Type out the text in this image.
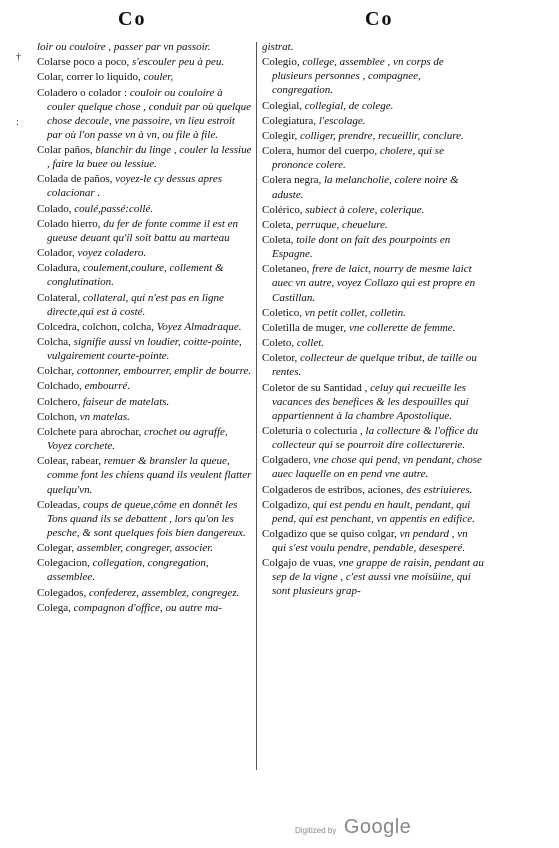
Co	Co
†
:
loir ou couloire , passer par vn passoir.
Colarse poco a poco, s'escouler peu à peu.
Colar, correr lo liquido, couler,
Coladero o colador : couloir ou couloire à couler quelque chose , conduit par où quelque chose decoule, vne passoire, vn lieu estroit par où l'on passe vn à vn, ou file à file.
Colar paños, blanchir du linge , couler la lessiue , faire la buee ou lessiue.
Colada de paños, voyez-le cy dessus apres colacionar .
Colado, coulé,passé:collé.
Colado hierro, du fer de fonte comme il est en gueuse deuant qu'il soit battu au marteau
Colador, voyez coladero.
Coladura, coulement,coulure, collement & conglutination.
Colateral, collateral, qui n'est pas en ligne directe,qui est à costé.
Colcedra, colchon, colcha, Voyez Almadraque.
Colcha, signifie aussi vn loudier, coitte-pointe, vulgairement courte-pointe.
Colchar, cottonner, embourrer, emplir de bourre.
Colchado, embourré.
Colchero, faiseur de matelats.
Colchon, vn matelas.
Colchete para abrochar, crochet ou agraffe, Voyez corchete.
Colear, rabear, remuer & bransler la queue, comme font les chiens quand ils veulent flatter quelqu'vn.
Coleadas, coups de queue,côme en donnêt les Tons quand ils se debattent , lors qu'on les pesche, & sont quelques fois bien dangereux.
Colegar, assembler, congreger, associer.
Colegacion, collegation, congregation, assemblee.
Colegados, confederez, assemblez, congregez.
Colega, compagnon d'office, ou autre ma-
gistrat.
Colegio, college, assemblee , vn corps de plusieurs personnes , compagnee, congregation.
Colegial, collegial, de colege.
Colegiatura, l'escolage.
Colegir, colliger, prendre, recueillir, conclure.
Colera, humor del cuerpo, cholere, qui se prononce colere.
Colera negra, la melancholie, colere noire & aduste.
Colérico, subiect à colere, colerique.
Coleta, perruque, cheuelure.
Coleta, toile dont on fait des pourpoints en Espagne.
Coletaneo, frere de laict, nourry de mesme laict auec vn autre, voyez Collazo qui est propre en Castillan.
Coletico, vn petit collet, colletin.
Coletilla de muger, vne collerette de femme.
Coleto, collet.
Coletor, collecteur de quelque tribut, de taille ou rentes.
Coletor de su Santidad , celuy qui recueille les vacances des benefices & les despouilles qui appartiennent à la chambre Apostolique.
Coleturia o colecturia , la collecture & l'office du collecteur qui se pourroit dire collecturerie.
Colgadero, vne chose qui pend, vn pendant, chose auec laquelle on en pend vne autre.
Colgaderos de estribos, aciones, des estriuieres.
Colgadizo, qui est pendu en hault, pendant, qui pend, qui est penchant, vn appentis en edifice.
Colgadizo que se quiso colgar, vn pendard , vn qui s'est voulu pendre, pendable, desesperé.
Colgajo de vuas, vne grappe de raisin, pendant au sep de la vigne , c'est aussi vne moisüine, qui sont plusieurs grap-
Digitized by Google
